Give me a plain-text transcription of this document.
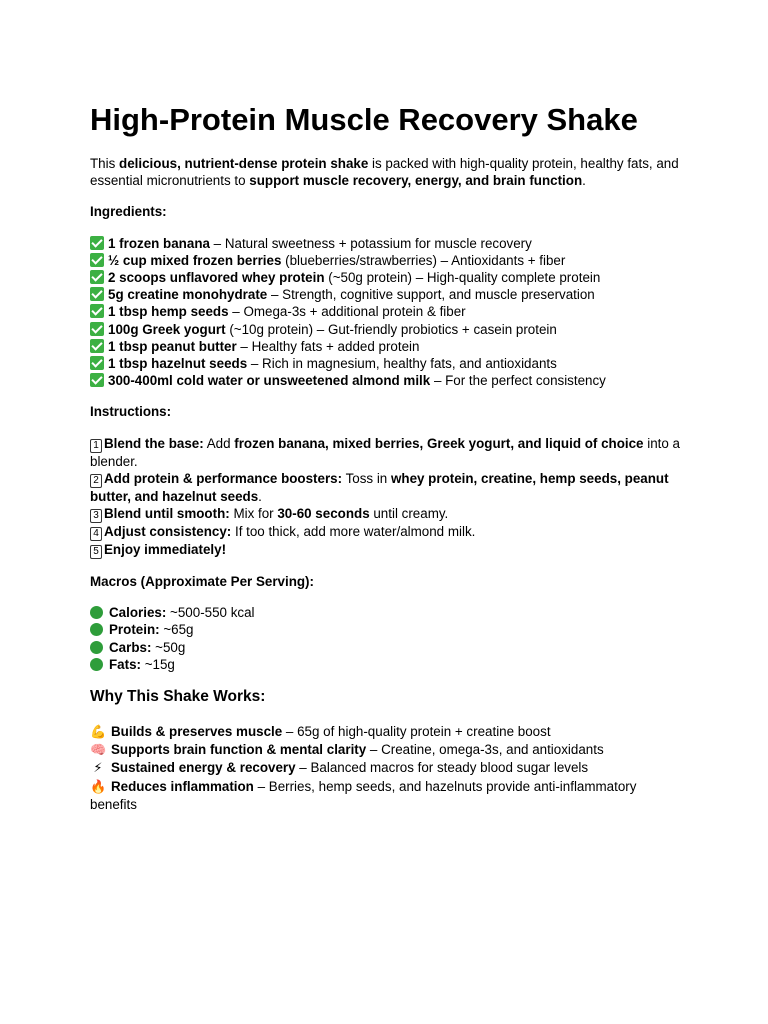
High-Protein Muscle Recovery Shake

This delicious, nutrient-dense protein shake is packed with high-quality protein, healthy fats, and essential micronutrients to support muscle recovery, energy, and brain function.

Ingredients:

1 frozen banana – Natural sweetness + potassium for muscle recovery
½ cup mixed frozen berries (blueberries/strawberries) – Antioxidants + fiber
2 scoops unflavored whey protein (~50g protein) – High-quality complete protein
5g creatine monohydrate – Strength, cognitive support, and muscle preservation
1 tbsp hemp seeds – Omega-3s + additional protein & fiber
100g Greek yogurt (~10g protein) – Gut-friendly probiotics + casein protein
1 tbsp peanut butter – Healthy fats + added protein
1 tbsp hazelnut seeds – Rich in magnesium, healthy fats, and antioxidants
300-400ml cold water or unsweetened almond milk – For the perfect consistency

Instructions:

1 Blend the base: Add frozen banana, mixed berries, Greek yogurt, and liquid of choice into a blender.
2 Add protein & performance boosters: Toss in whey protein, creatine, hemp seeds, peanut butter, and hazelnut seeds.
3 Blend until smooth: Mix for 30-60 seconds until creamy.
4 Adjust consistency: If too thick, add more water/almond milk.
5 Enjoy immediately!

Macros (Approximate Per Serving):

Calories: ~500-550 kcal
Protein: ~65g
Carbs: ~50g
Fats: ~15g

Why This Shake Works:

💪 Builds & preserves muscle – 65g of high-quality protein + creatine boost
🧠 Supports brain function & mental clarity – Creatine, omega-3s, and antioxidants
⚡ Sustained energy & recovery – Balanced macros for steady blood sugar levels
🔥 Reduces inflammation – Berries, hemp seeds, and hazelnuts provide anti-inflammatory benefits
